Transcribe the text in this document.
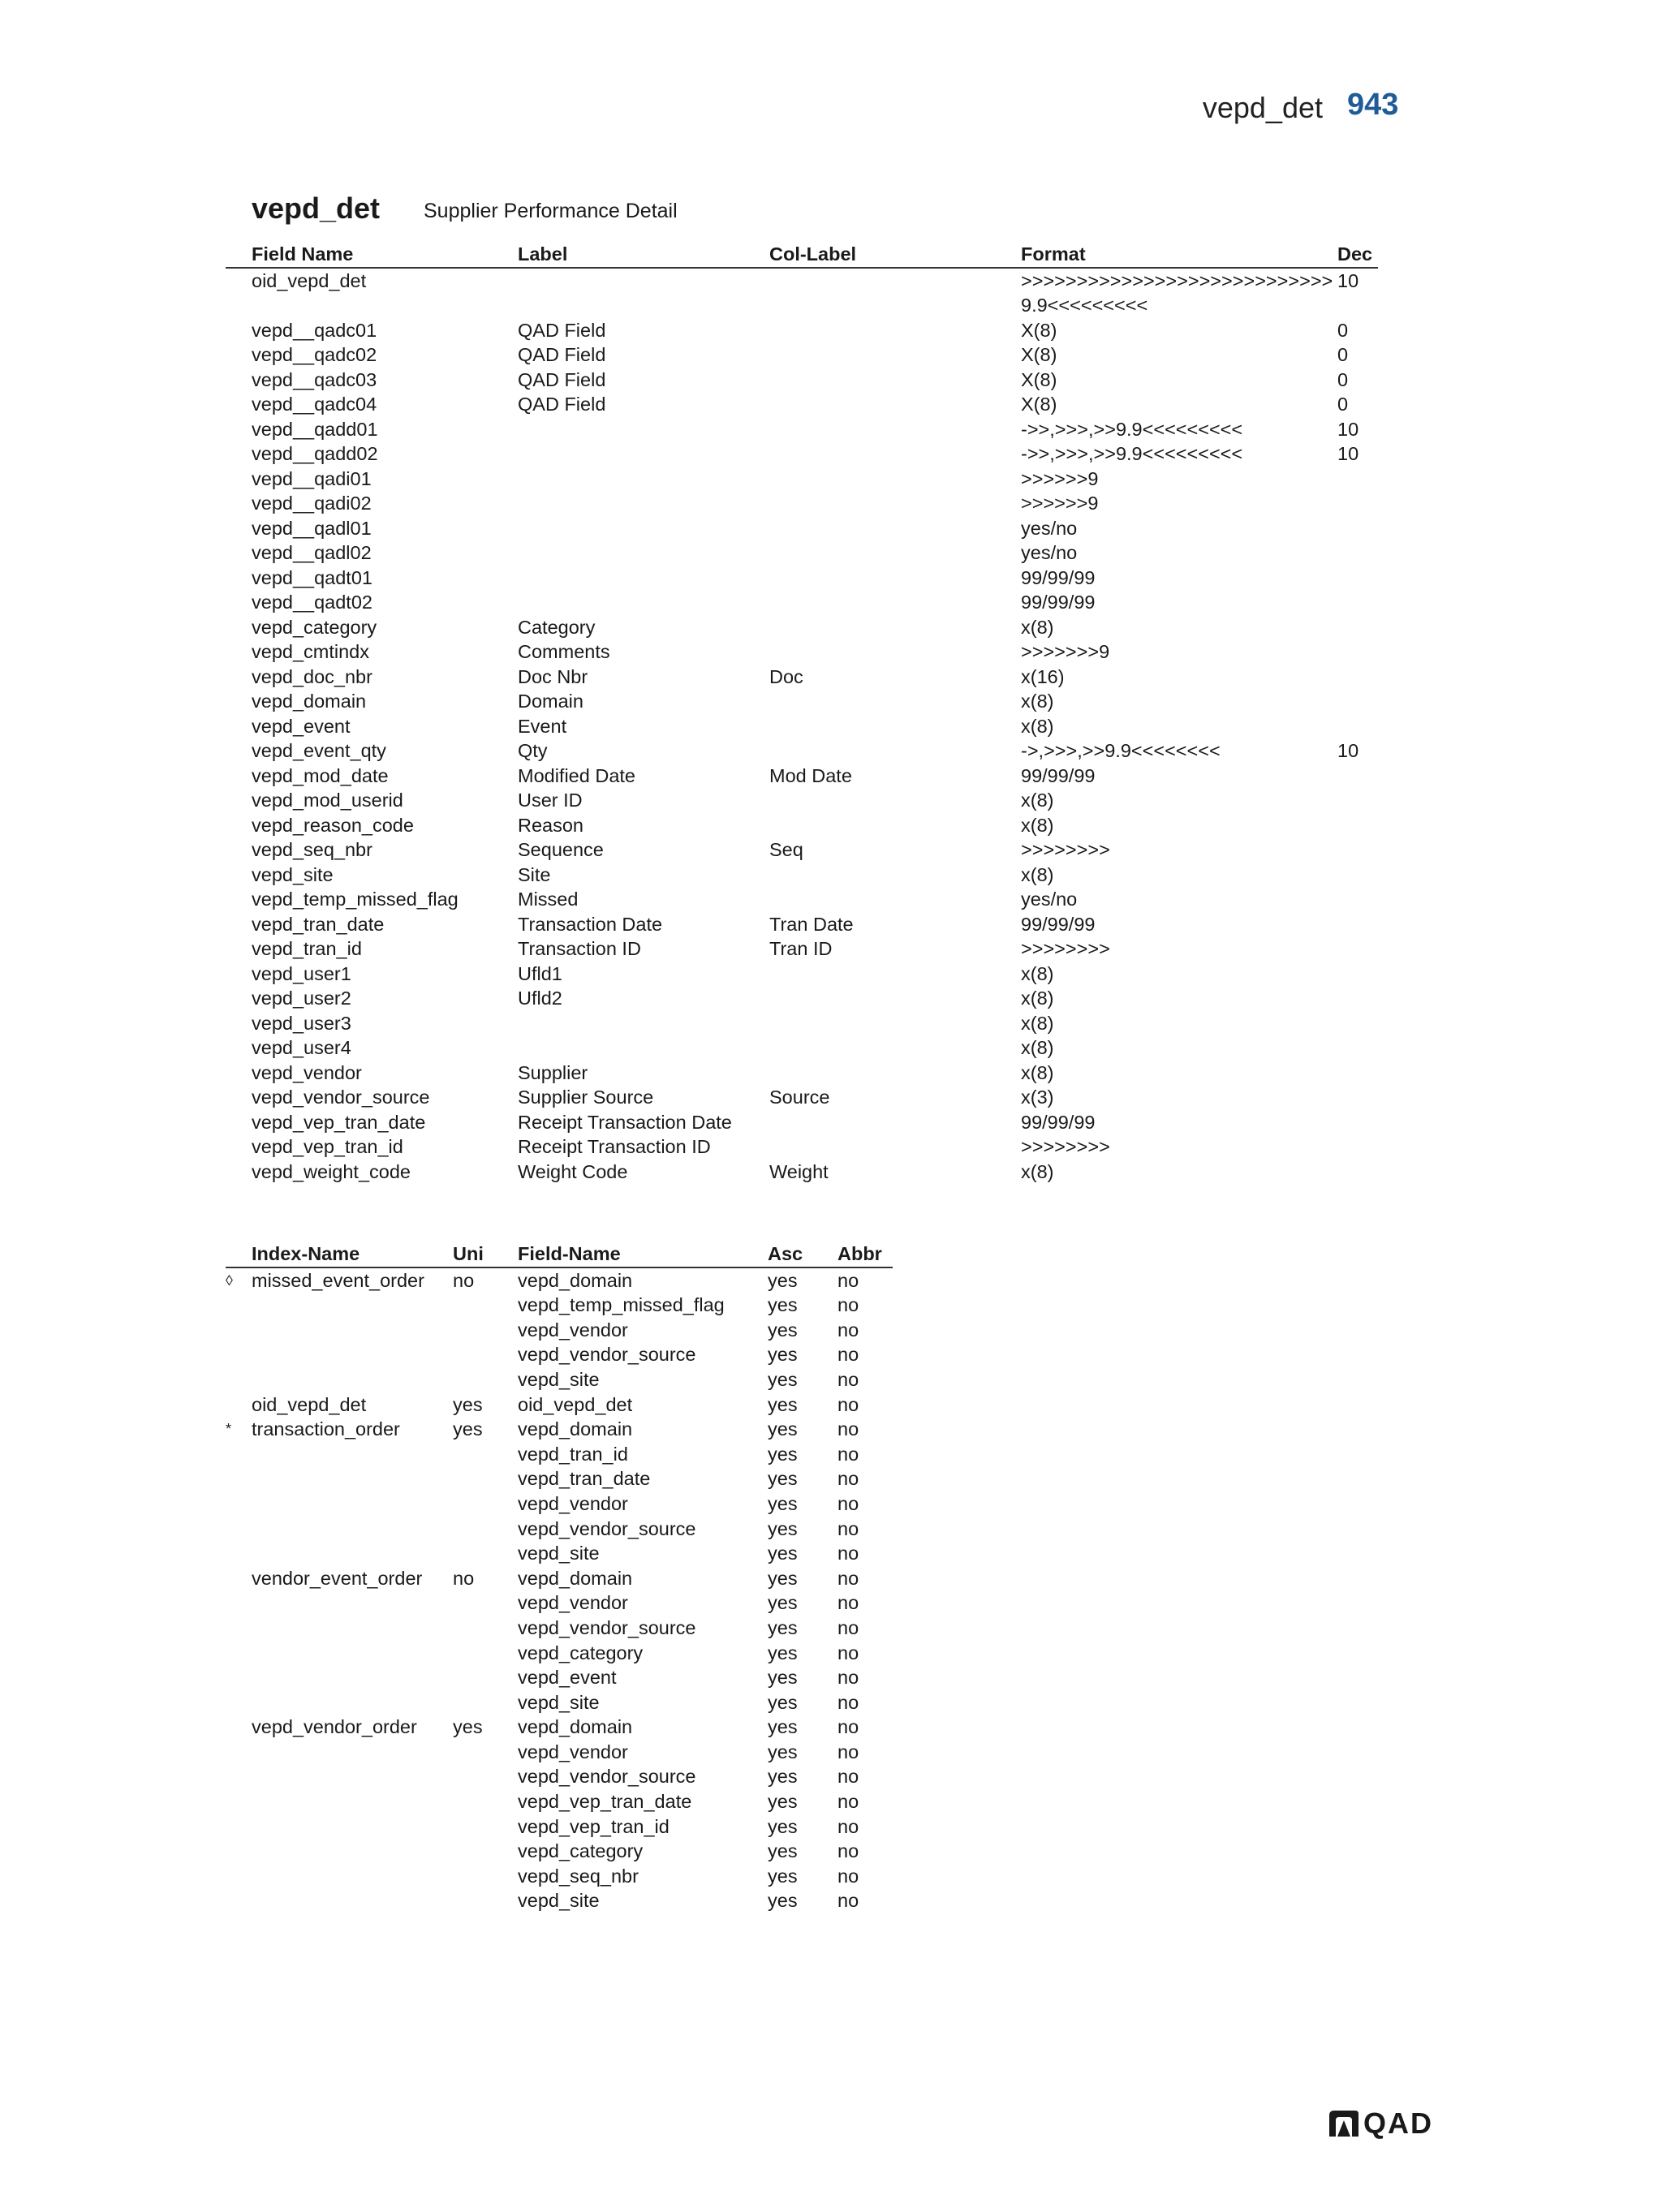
vepd_det 943
vepd_det Supplier Performance Detail
Field Name	Label	Col-Label	Format	Dec
oid_vepd_det			>>>>>>>>>>>>>>>>>>>>>>>>>>>>9.9<<<<<<<<<	10
vepd__qadc01	QAD Field		X(8)	0
vepd__qadc02	QAD Field		X(8)	0
vepd__qadc03	QAD Field		X(8)	0
vepd__qadc04	QAD Field		X(8)	0
vepd__qadd01			->>,>>>,>>9.9<<<<<<<<<	10
vepd__qadd02			->>,>>>,>>9.9<<<<<<<<<	10
vepd__qadi01			>>>>>>9	
vepd__qadi02			>>>>>>9	
vepd__qadl01			yes/no	
vepd__qadl02			yes/no	
vepd__qadt01			99/99/99	
vepd__qadt02			99/99/99	
vepd_category	Category		x(8)	
vepd_cmtindx	Comments		>>>>>>>9	
vepd_doc_nbr	Doc Nbr	Doc	x(16)	
vepd_domain	Domain		x(8)	
vepd_event	Event		x(8)	
vepd_event_qty	Qty		->,>>>,>>9.9<<<<<<<<	10
vepd_mod_date	Modified Date	Mod Date	99/99/99	
vepd_mod_userid	User ID		x(8)	
vepd_reason_code	Reason		x(8)	
vepd_seq_nbr	Sequence	Seq	>>>>>>>>	
vepd_site	Site		x(8)	
vepd_temp_missed_flag	Missed		yes/no	
vepd_tran_date	Transaction Date	Tran Date	99/99/99	
vepd_tran_id	Transaction ID	Tran ID	>>>>>>>>	
vepd_user1	Ufld1		x(8)	
vepd_user2	Ufld2		x(8)	
vepd_user3			x(8)	
vepd_user4			x(8)	
vepd_vendor	Supplier		x(8)	
vepd_vendor_source	Supplier Source	Source	x(3)	
vepd_vep_tran_date	Receipt Transaction Date		99/99/99	
vepd_vep_tran_id	Receipt Transaction ID		>>>>>>>>	
vepd_weight_code	Weight Code	Weight	x(8)	
	Index-Name	Uni	Field-Name	Asc	Abbr
◊	missed_event_order	no	vepd_domain	yes	no
			vepd_temp_missed_flag	yes	no
			vepd_vendor	yes	no
			vepd_vendor_source	yes	no
			vepd_site	yes	no
	oid_vepd_det	yes	oid_vepd_det	yes	no
*	transaction_order	yes	vepd_domain	yes	no
			vepd_tran_id	yes	no
			vepd_tran_date	yes	no
			vepd_vendor	yes	no
			vepd_vendor_source	yes	no
			vepd_site	yes	no
	vendor_event_order	no	vepd_domain	yes	no
			vepd_vendor	yes	no
			vepd_vendor_source	yes	no
			vepd_category	yes	no
			vepd_event	yes	no
			vepd_site	yes	no
	vepd_vendor_order	yes	vepd_domain	yes	no
			vepd_vendor	yes	no
			vepd_vendor_source	yes	no
			vepd_vep_tran_date	yes	no
			vepd_vep_tran_id	yes	no
			vepd_category	yes	no
			vepd_seq_nbr	yes	no
			vepd_site	yes	no
QAD
